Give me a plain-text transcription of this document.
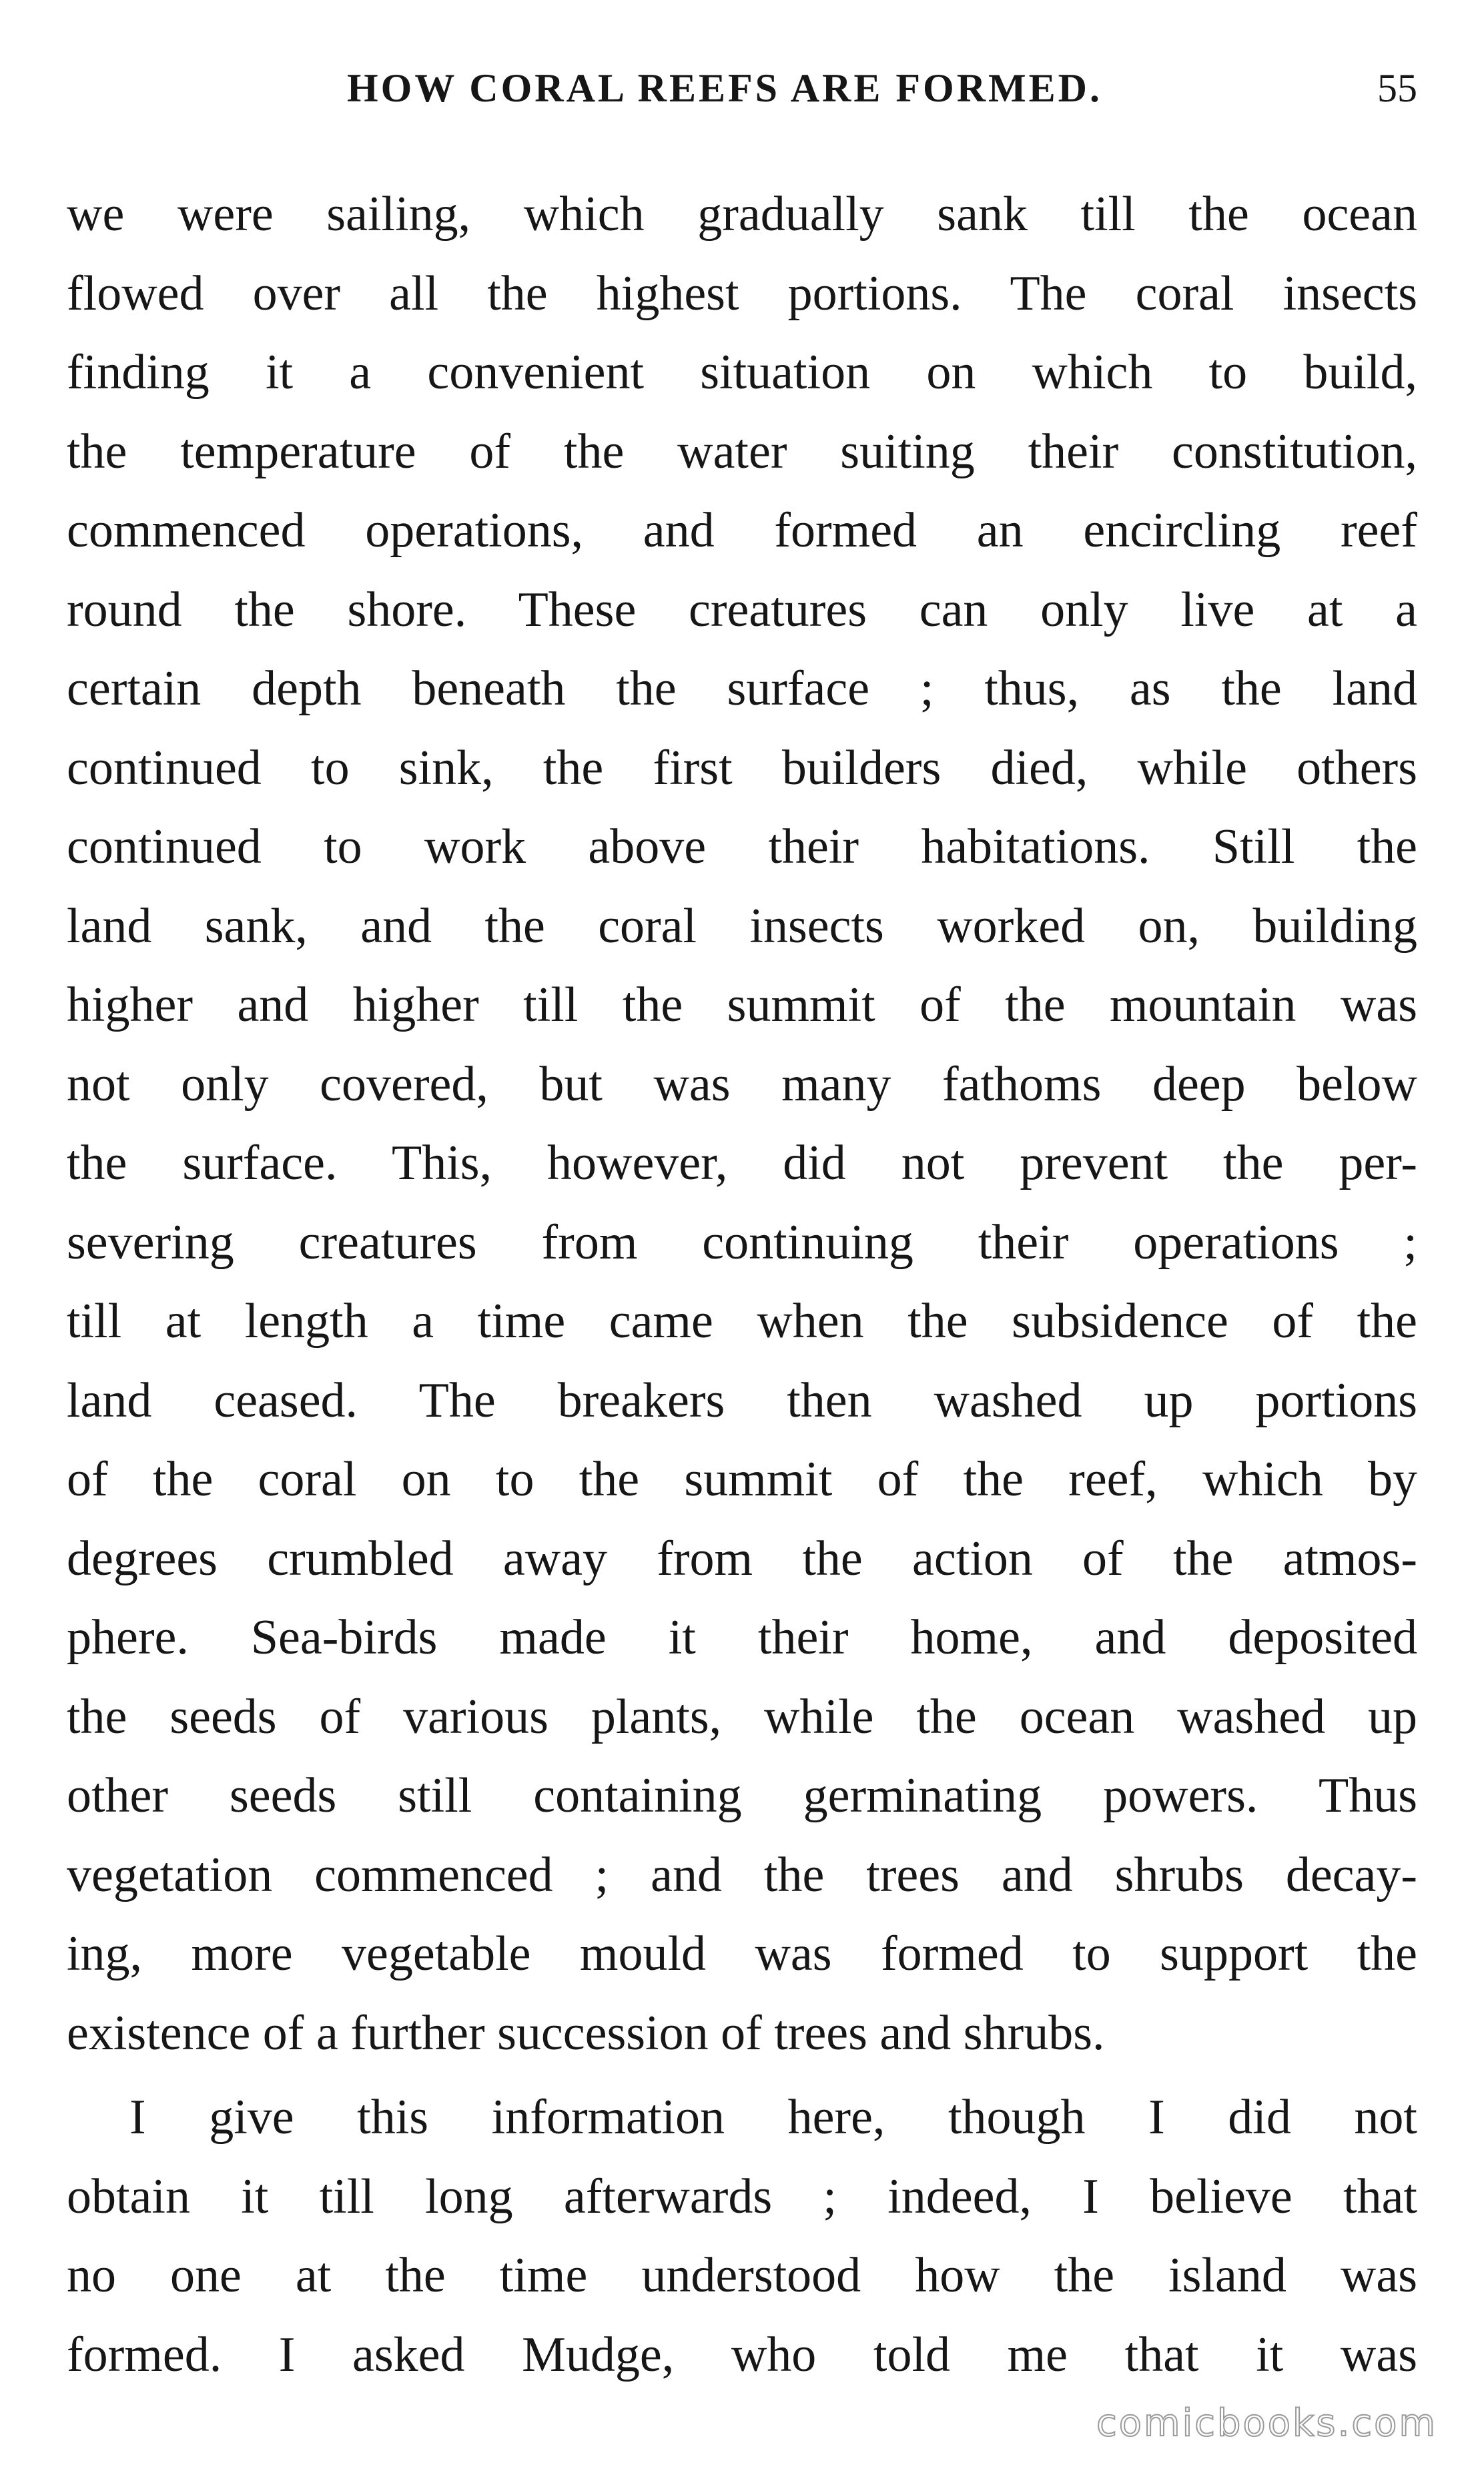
HOW CORAL REEFS ARE FORMED.	55
we were sailing, which gradually sank till the ocean
flowed over all the highest portions. The coral insects
finding it a convenient situation on which to build,
the temperature of the water suiting their constitution,
commenced operations, and formed an encircling reef
round the shore. These creatures can only live at a
certain depth beneath the surface ; thus, as the land
continued to sink, the first builders died, while others
continued to work above their habitations. Still the
land sank, and the coral insects worked on, building
higher and higher till the summit of the mountain was
not only covered, but was many fathoms deep below
the surface. This, however, did not prevent the per-
severing creatures from continuing their operations ;
till at length a time came when the subsidence of the
land ceased. The breakers then washed up portions
of the coral on to the summit of the reef, which by
degrees crumbled away from the action of the atmos-
phere. Sea-birds made it their home, and deposited
the seeds of various plants, while the ocean washed up
other seeds still containing germinating powers. Thus
vegetation commenced ; and the trees and shrubs decay-
ing, more vegetable mould was formed to support the
existence of a further succession of trees and shrubs.
I give this information here, though I did not
obtain it till long afterwards ; indeed, I believe that
no one at the time understood how the island was
formed. I asked Mudge, who told me that it was
comicbooks.com
